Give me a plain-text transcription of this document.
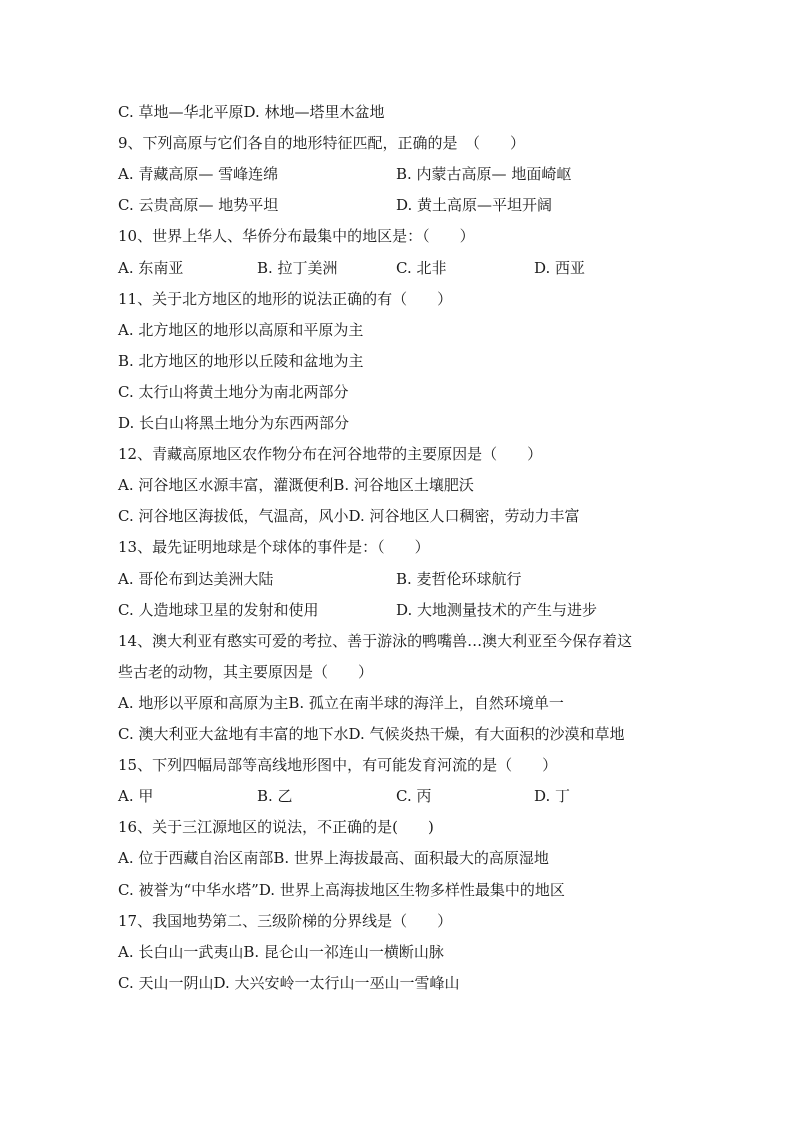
C. 草地—华北平原D. 林地—塔里木盆地
9、下列高原与它们各自的地形特征匹配，正确的是　（　　）
A. 青藏高原— 雪峰连绵	B. 内蒙古高原— 地面崎岖
C. 云贵高原— 地势平坦	D. 黄土高原—平坦开阔
10、世界上华人、华侨分布最集中的地区是：（　　）
A. 东南亚	B. 拉丁美洲	C. 北非	D. 西亚
11、关于北方地区的地形的说法正确的有（　　）
A. 北方地区的地形以高原和平原为主
B. 北方地区的地形以丘陵和盆地为主
C. 太行山将黄土地分为南北两部分
D. 长白山将黑土地分为东西两部分
12、青藏高原地区农作物分布在河谷地带的主要原因是（　　）
A. 河谷地区水源丰富，灌溉便利B. 河谷地区土壤肥沃
C. 河谷地区海拔低，气温高，风小D. 河谷地区人口稠密，劳动力丰富
13、最先证明地球是个球体的事件是：（　　）
A. 哥伦布到达美洲大陆	B. 麦哲伦环球航行
C. 人造地球卫星的发射和使用	D. 大地测量技术的产生与进步
14、澳大利亚有憨实可爱的考拉、善于游泳的鸭嘴兽…澳大利亚至今保存着这
些古老的动物，其主要原因是（　　）
A. 地形以平原和高原为主B. 孤立在南半球的海洋上，自然环境单一
C. 澳大利亚大盆地有丰富的地下水D. 气候炎热干燥，有大面积的沙漠和草地
15、下列四幅局部等高线地形图中，有可能发育河流的是（　　）
A. 甲	B. 乙	C. 丙	D. 丁
16、关于三江源地区的说法，不正确的是(　　)
A. 位于西藏自治区南部B. 世界上海拔最高、面积最大的高原湿地
C. 被誉为“中华水塔”D. 世界上高海拔地区生物多样性最集中的地区
17、我国地势第二、三级阶梯的分界线是（　　）
A. 长白山一武夷山B. 昆仑山一祁连山一横断山脉
C. 天山一阴山D. 大兴安岭一太行山一巫山一雪峰山
